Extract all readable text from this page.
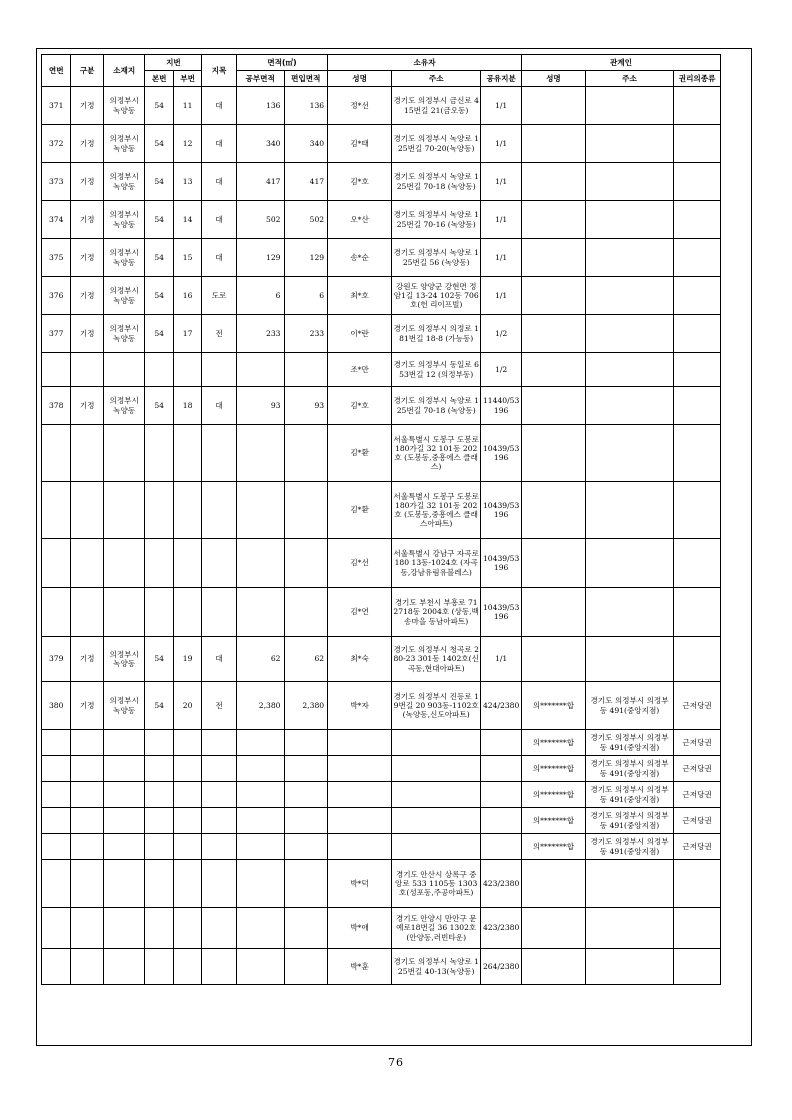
연번	구분	소재지	지번		지목	면적(㎡)		소유자			관계인		
			본번	부번		공부면적	편입면적	성명	주소	공유지분	성명	주소	권리의종류
371	기정	의정부시 녹양동	54	11	대	136	136	정*선	경기도 의정부시 금신로 415번길 21(금오동)	1/1			
372	기정	의정부시 녹양동	54	12	대	340	340	김*태	경기도 의정부시 녹양로 125번길 70-20(녹양동)	1/1			
373	기정	의정부시 녹양동	54	13	대	417	417	김*호	경기도 의정부시 녹양로 125번길 70-18 (녹양동)	1/1			
374	기정	의정부시 녹양동	54	14	대	502	502	오*산	경기도 의정부시 녹양로 125번길 70-16 (녹양동)	1/1			
375	기정	의정부시 녹양동	54	15	대	129	129	송*순	경기도 의정부시 녹양로 125번길 56 (녹양동)	1/1			
376	기정	의정부시 녹양동	54	16	도로	6	6	최*호	강원도 양양군 강현면 정암1길 13-24 102동 706호(헌 리이프빌)	1/1			
377	기정	의정부시 녹양동	54	17	전	233	233	이*란	경기도 의정부시 의정로 181번길 18-8 (가능동)	1/2			
								조*만	경기도 의정부시 동일로 653번길 12 (의정부동)	1/2			
378	기정	의정부시 녹양동	54	18	대	93	93	김*호	경기도 의정부시 녹양로 125번길 70-18 (녹양동)	11440/53196			
								김*환	서울특별시 도봉구 도봉로180가길 32 101동 202호 (도봉동,중흥에스 클래스)	10439/53196			
								김*환	서울특별시 도봉구 도봉로180가길 32 101동 202호 (도봉동,중흥에스 클래스아파트)	10439/53196			
								김*선	서울특별시 강남구 자곡로 180 13동-1024호 (자곡동,강남유림유블레스)	10439/53196			
								김*연	경기도 부천시 부흥로 71 2718동 2004호 (상동,백송마을 동남아파트)	10439/53196			
379	기정	의정부시 녹양동	54	19	대	62	62	최*숙	경기도 의정부시 청곡로 280-23 301동 1402호(신곡동,현대아파트)	1/1			
380	기정	의정부시 녹양동	54	20	전	2,380	2,380	박*자	경기도 의정부시 진등로 19번길 20 903동-1102호 (녹양동,신도아파트)	424/2380	의*******합	경기도 의정부시 의정부동 491(중앙지점)	근저당권
											의*******합	경기도 의정부시 의정부동 491(중앙지점)	근저당권
											의*******합	경기도 의정부시 의정부동 491(중앙지점)	근저당권
											의*******합	경기도 의정부시 의정부동 491(중앙지점)	근저당권
											의*******합	경기도 의정부시 의정부동 491(중앙지점)	근저당권
											의*******합	경기도 의정부시 의정부동 491(중앙지점)	근저당권
								박*덕	경기도 안산시 상록구 중앙로 533 1105동 1303호(성포동,주공아파트)	423/2380			
								박*애	경기도 안양시 만안구 문예로18번길 36 1302호 (안양동,러빈타운)	423/2380			
								박*훈	경기도 의정부시 녹양로 125번길 40-13(녹양동)	264/2380			
76
